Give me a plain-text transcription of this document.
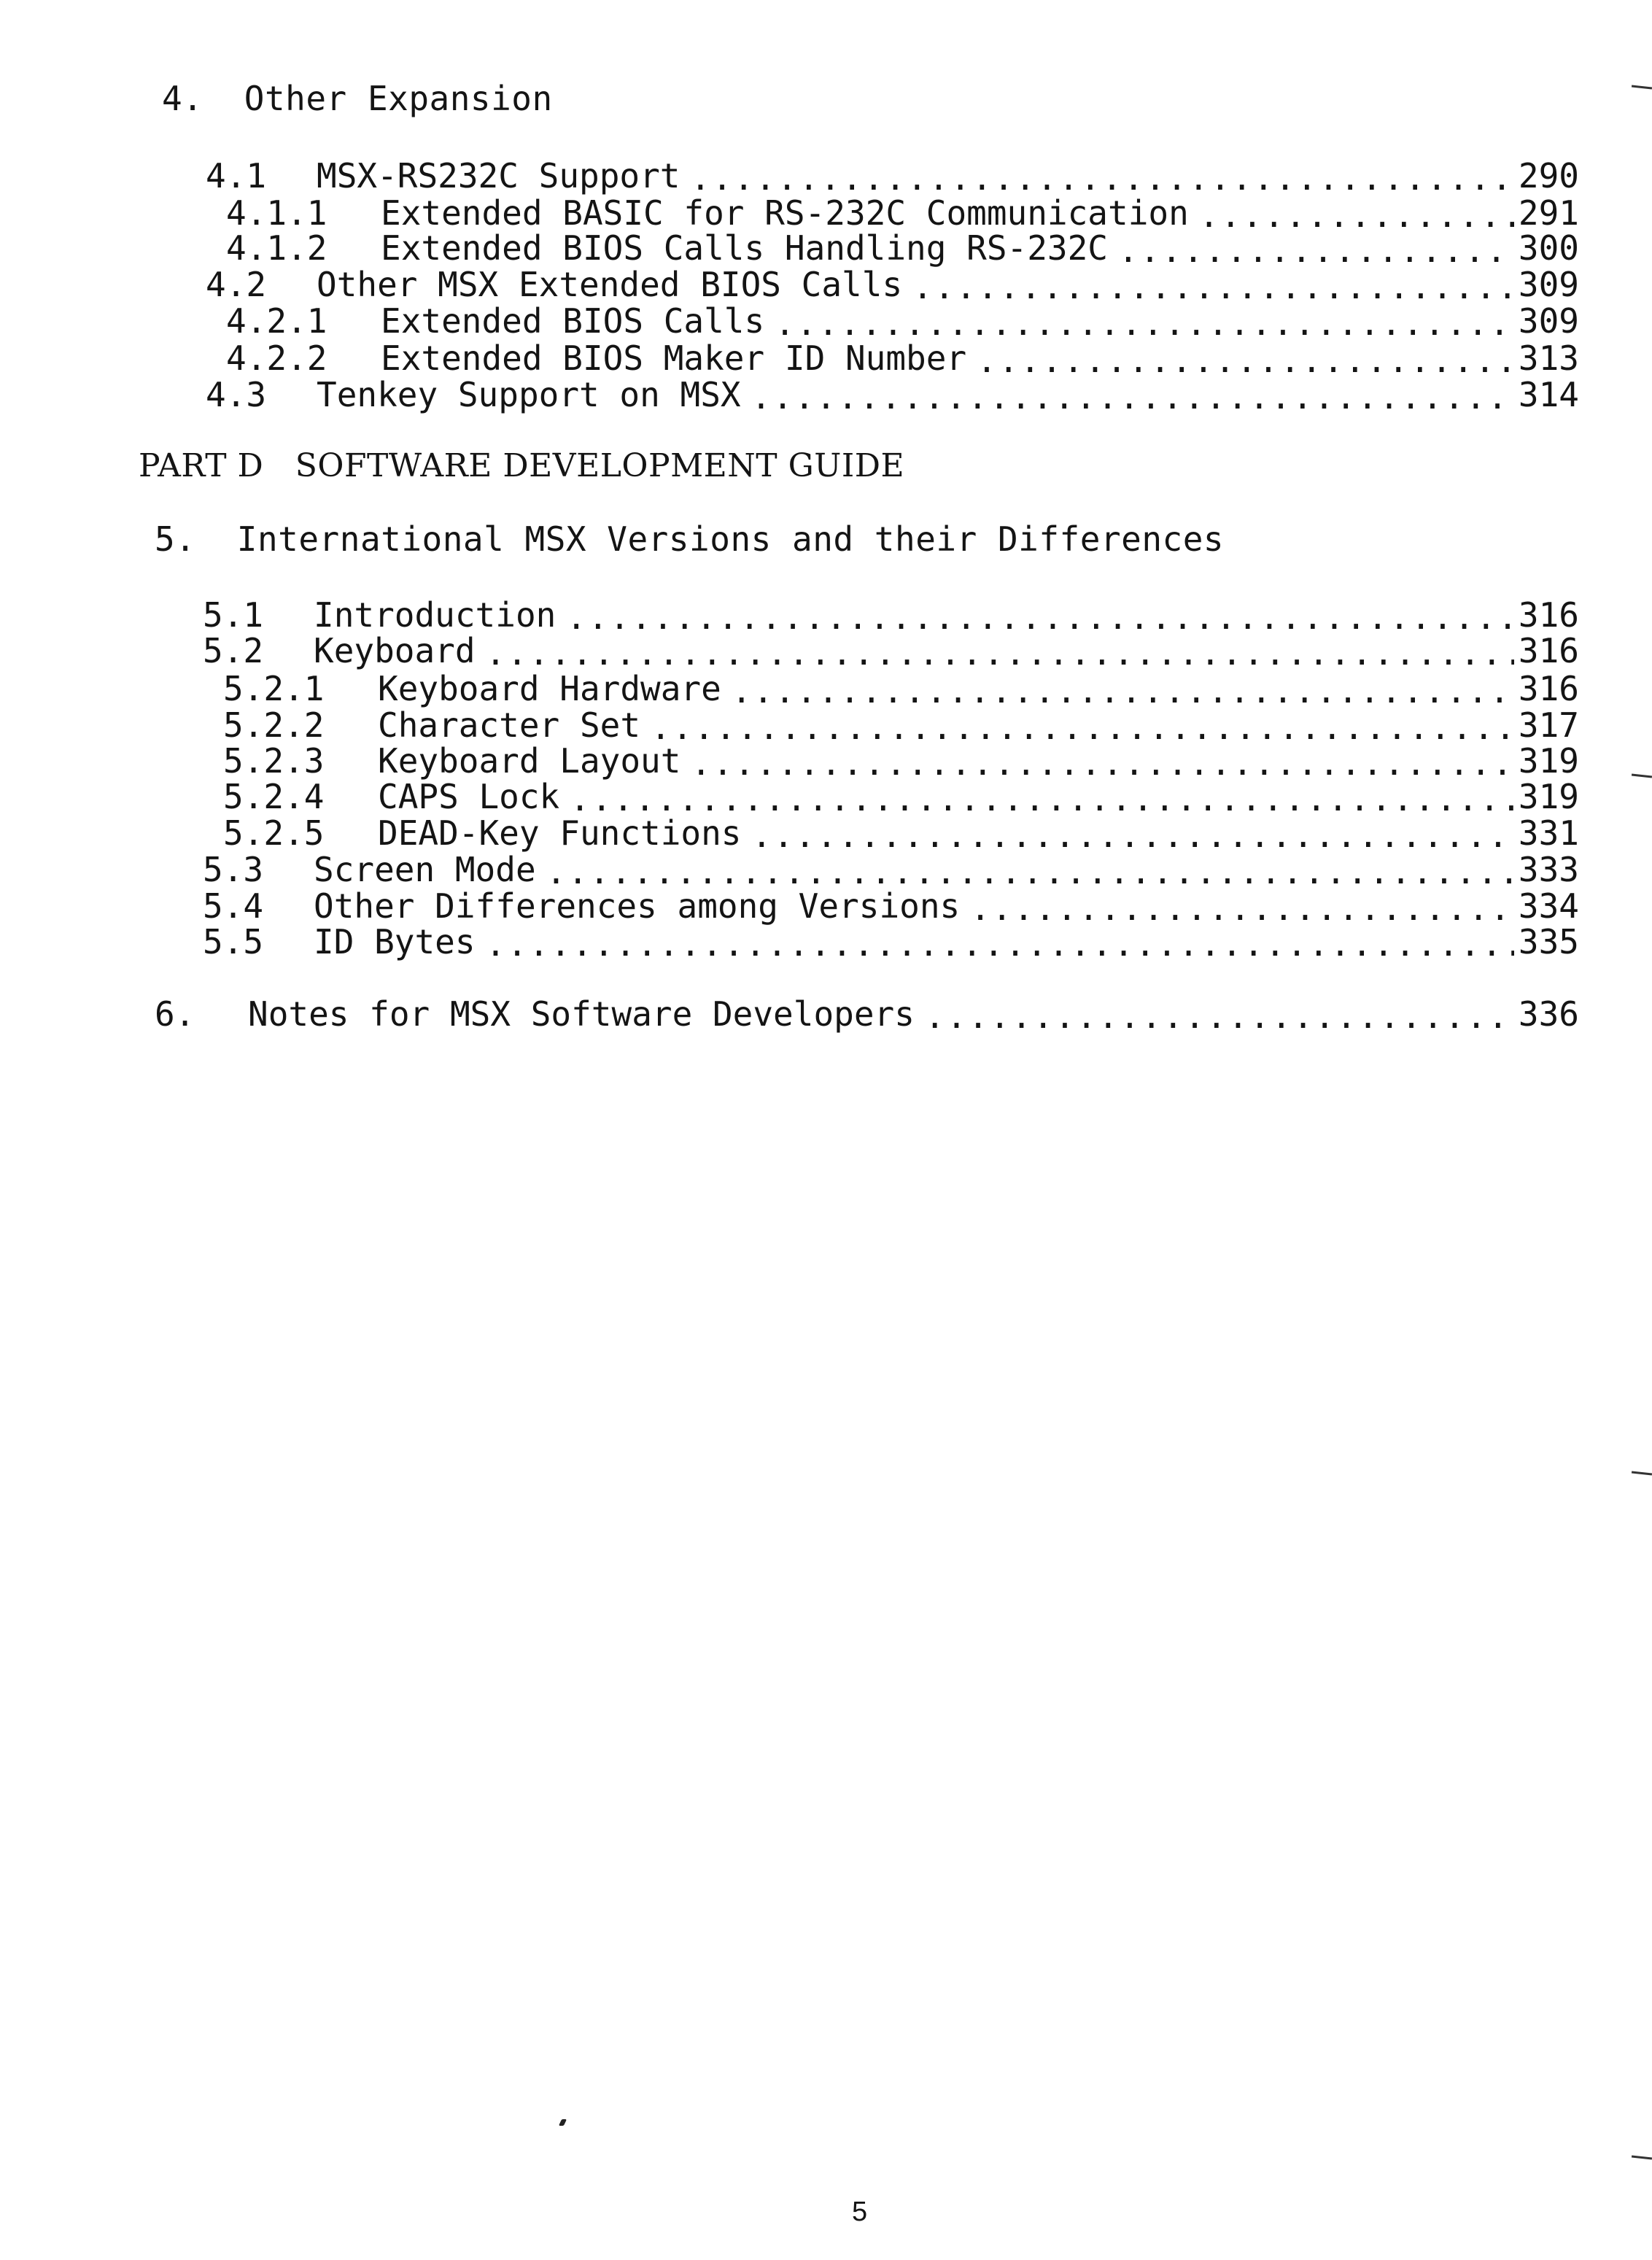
4.  Other Expansion
4.1	MSX-RS232C Support .....	290
4.1.1	Extended BASIC for RS-232C Communication .....	291
4.1.2	Extended BIOS Calls Handling RS-232C .....	300
4.2	Other MSX Extended BIOS Calls .....	309
4.2.1	Extended BIOS Calls .....	309
4.2.2	Extended BIOS Maker ID Number .....	313
4.3	Tenkey Support on MSX .....	314
PART D   SOFTWARE DEVELOPMENT GUIDE
5.  International MSX Versions and their Differences
5.1	Introduction .....	316
5.2	Keyboard .....	316
5.2.1	Keyboard Hardware .....	316
5.2.2	Character Set .....	317
5.2.3	Keyboard Layout .....	319
5.2.4	CAPS Lock .....	319
5.2.5	DEAD-Key Functions .....	331
5.3	Screen Mode .....	333
5.4	Other Differences among Versions .....	334
5.5	ID Bytes .....	335
6.	Notes for MSX Software Developers .....	336
5
